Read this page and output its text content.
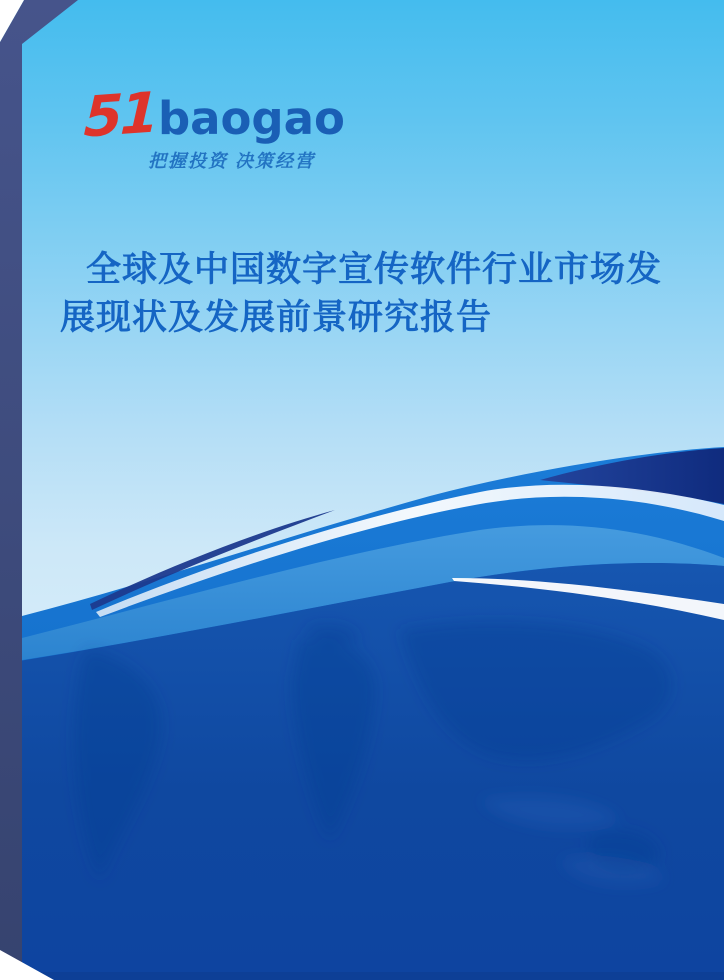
51 baogao
把握投资 决策经营
全球及中国数字宣传软件行业市场发
展现状及发展前景研究报告
